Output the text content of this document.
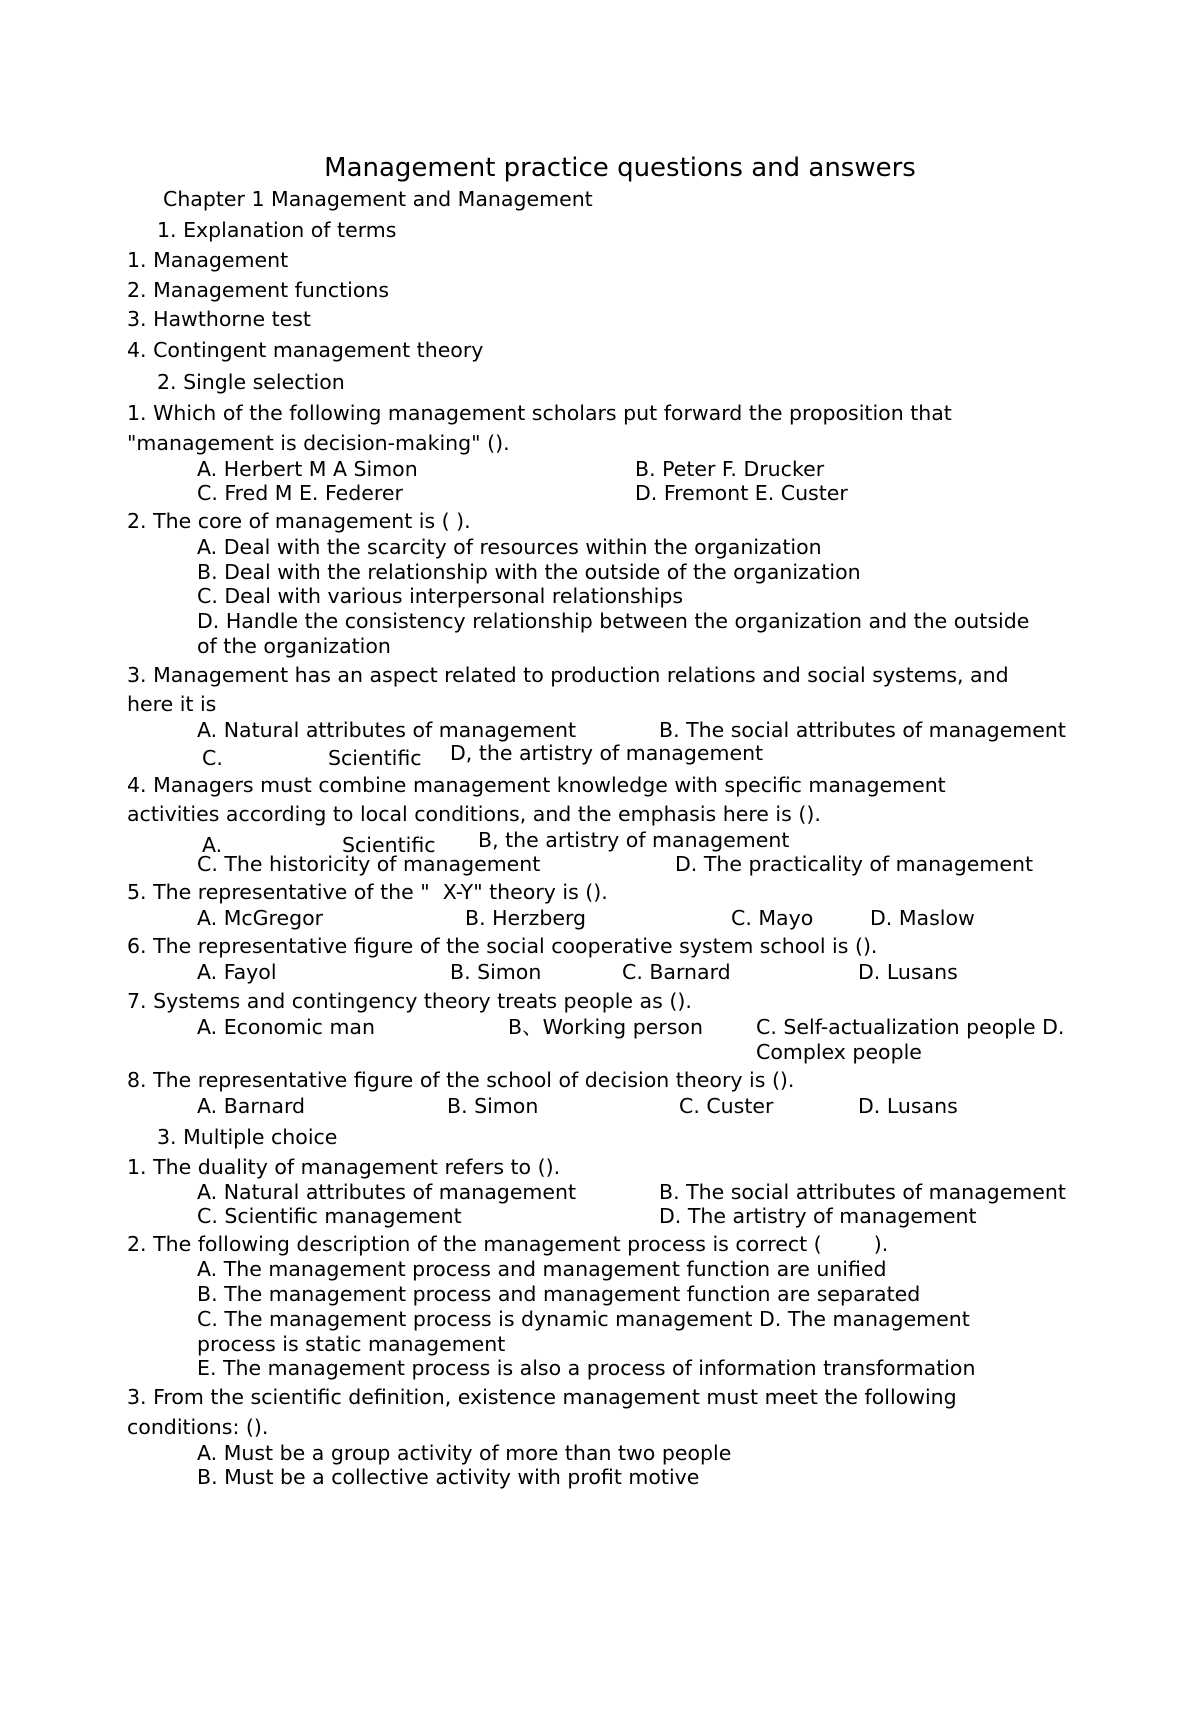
Management practice questions and answers
Chapter 1 Management and Management
1. Explanation of terms
1. Management
2. Management functions
3. Hawthorne test
4. Contingent management theory
2. Single selection
1. Which of the following management scholars put forward the proposition that
"management is decision-making" ().
A. Herbert M A Simon	B. Peter F. Drucker
C. Fred M E. Federer	D. Fremont E. Custer
2. The core of management is ( ).
A. Deal with the scarcity of resources within the organization
B. Deal with the relationship with the outside of the organization
C. Deal with various interpersonal relationships
D. Handle the consistency relationship between the organization and the outside
of the organization
3. Management has an aspect related to production relations and social systems, and
here it is
A. Natural attributes of management	B. The social attributes of management
C.	Scientific D, the artistry of management
4. Managers must combine management knowledge with specific management
activities according to local conditions, and the emphasis here is ().
A.	Scientific B, the artistry of management
C. The historicity of management	D. The practicality of management
5. The representative of the "  X-Y" theory is ().
A. McGregor	B. Herzberg	C. Mayo	D. Maslow
6. The representative figure of the social cooperative system school is ().
A. Fayol	B. Simon	C. Barnard	D. Lusans
7. Systems and contingency theory treats people as ().
A. Economic man	B、Working person	C. Self-actualization people D.
Complex people
8. The representative figure of the school of decision theory is ().
A. Barnard	B. Simon	C. Custer	D. Lusans
3. Multiple choice
1. The duality of management refers to ().
A. Natural attributes of management	B. The social attributes of management
C. Scientific management	D. The artistry of management
2. The following description of the management process is correct (        ).
A. The management process and management function are unified
B. The management process and management function are separated
C. The management process is dynamic management D. The management
process is static management
E. The management process is also a process of information transformation
3. From the scientific definition, existence management must meet the following
conditions: ().
A. Must be a group activity of more than two people
B. Must be a collective activity with profit motive
